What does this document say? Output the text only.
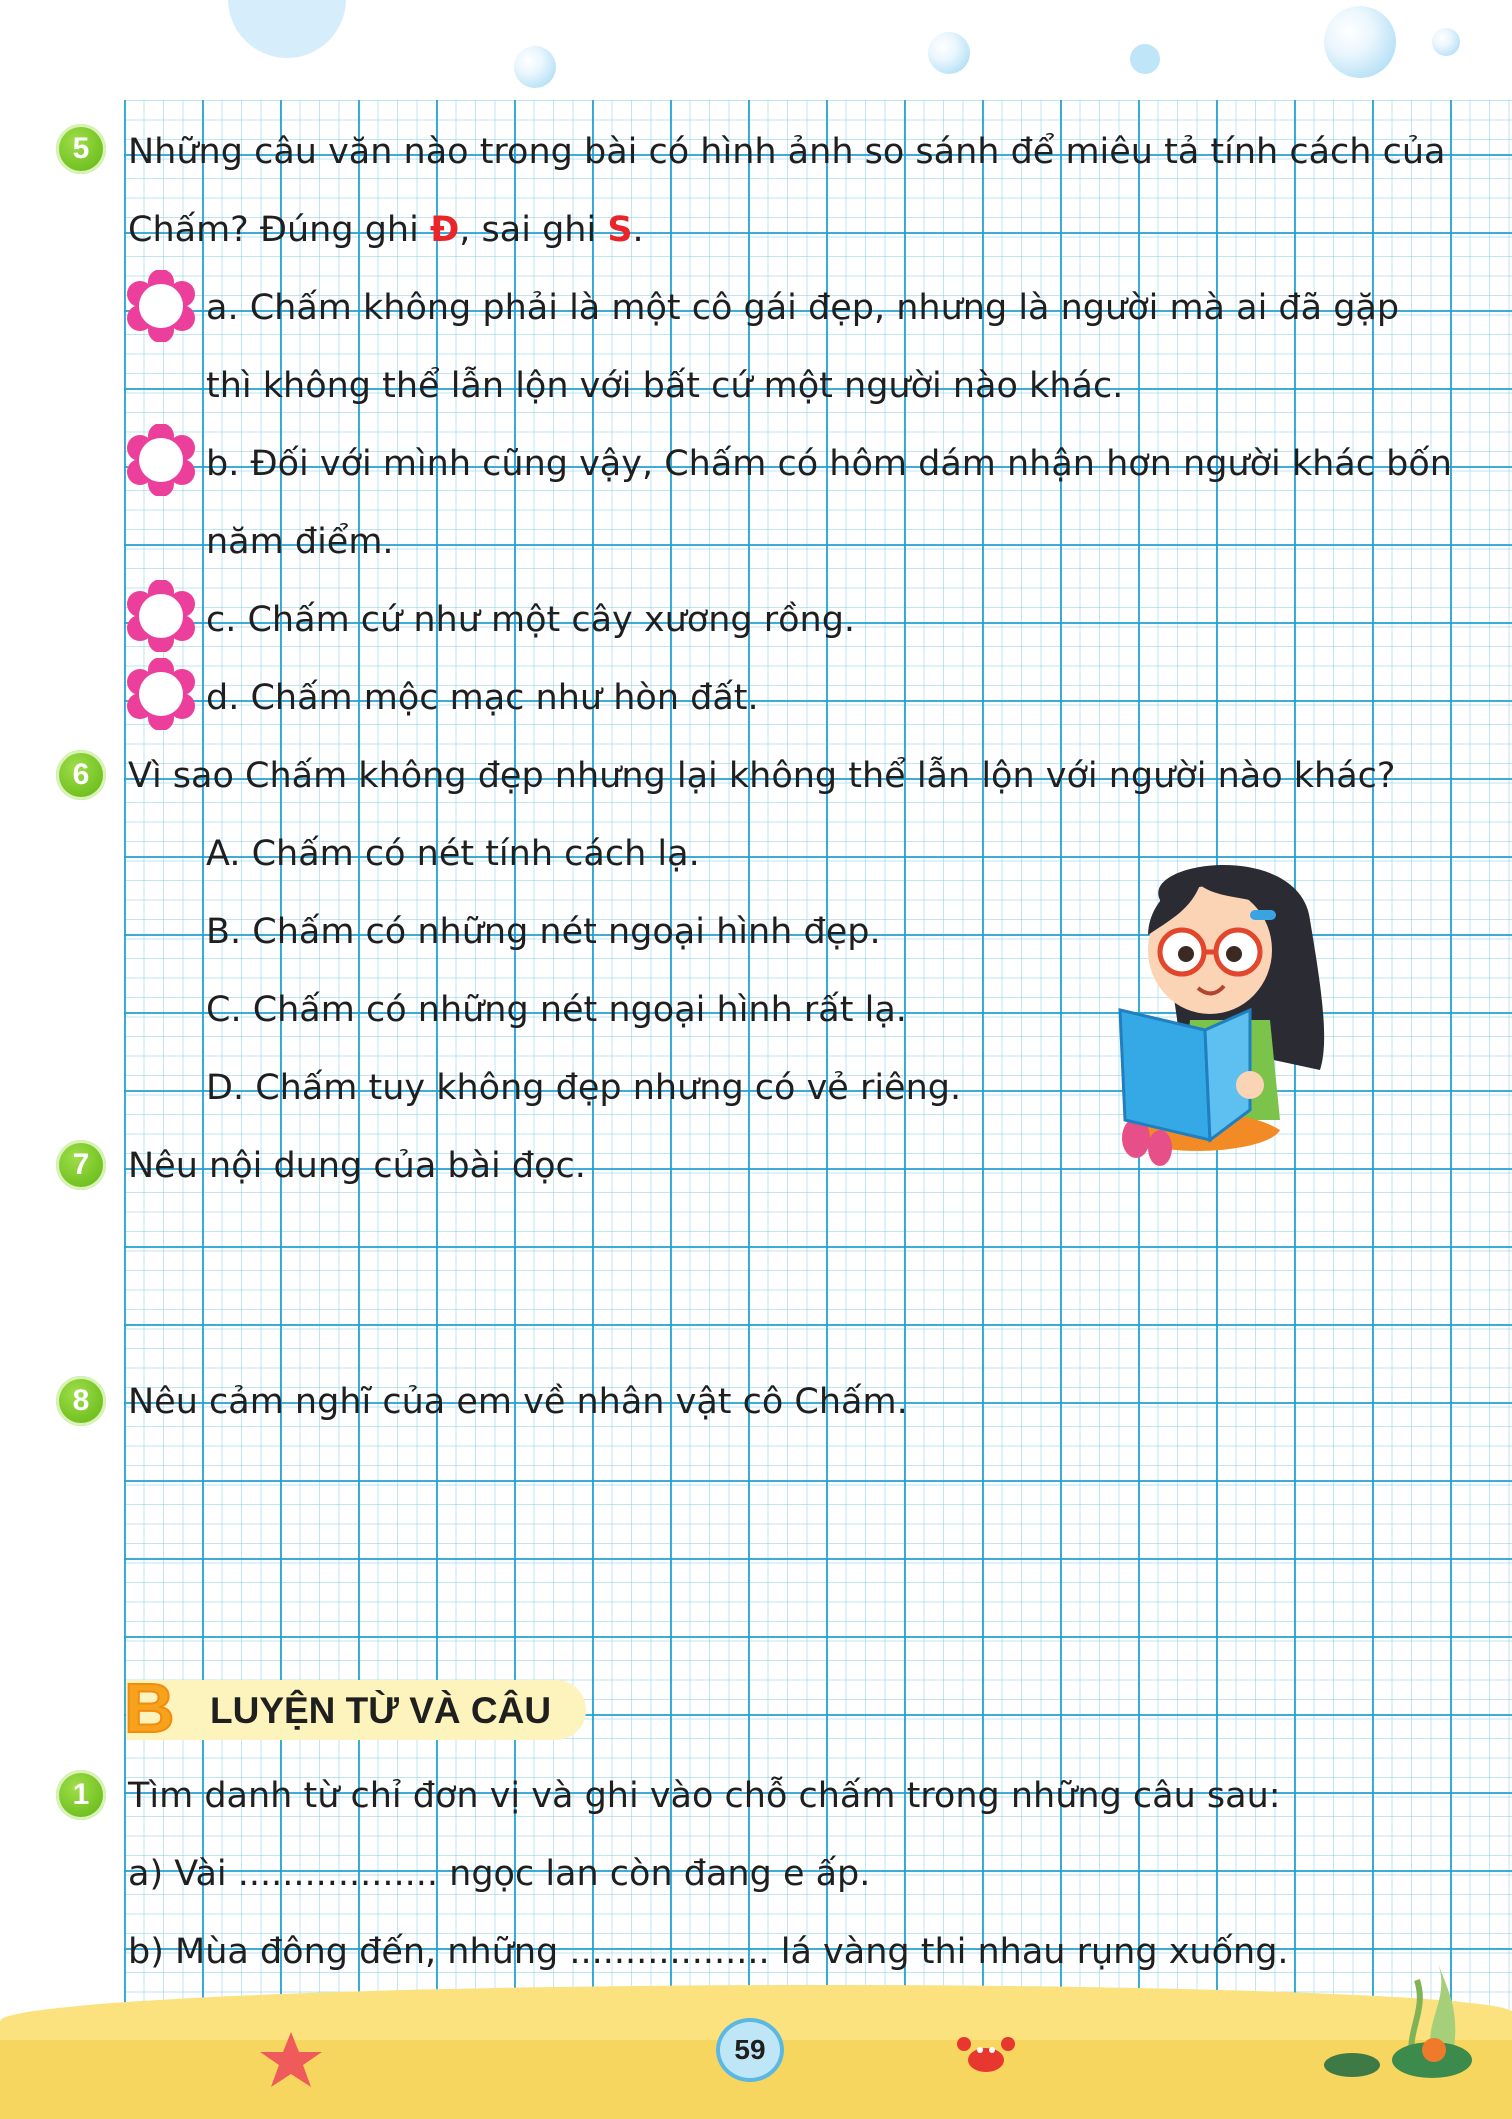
5 Những câu văn nào trong bài có hình ảnh so sánh để miêu tả tính cách của
Chấm? Đúng ghi Đ, sai ghi S.
a. Chấm không phải là một cô gái đẹp, nhưng là người mà ai đã gặp
thì không thể lẫn lộn với bất cứ một người nào khác.
b. Đối với mình cũng vậy, Chấm có hôm dám nhận hơn người khác bốn
năm điểm.
c. Chấm cứ như một cây xương rồng.
d. Chấm mộc mạc như hòn đất.
6 Vì sao Chấm không đẹp nhưng lại không thể lẫn lộn với người nào khác?
A. Chấm có nét tính cách lạ.
B. Chấm có những nét ngoại hình đẹp.
C. Chấm có những nét ngoại hình rất lạ.
D. Chấm tuy không đẹp nhưng có vẻ riêng.
7 Nêu nội dung của bài đọc.
8 Nêu cảm nghĩ của em về nhân vật cô Chấm.
B LUYỆN TỪ VÀ CÂU
1 Tìm danh từ chỉ đơn vị và ghi vào chỗ chấm trong những câu sau:
a) Vài .................. ngọc lan còn đang e ấp.
b) Mùa đông đến, những .................. lá vàng thi nhau rụng xuống.
59
